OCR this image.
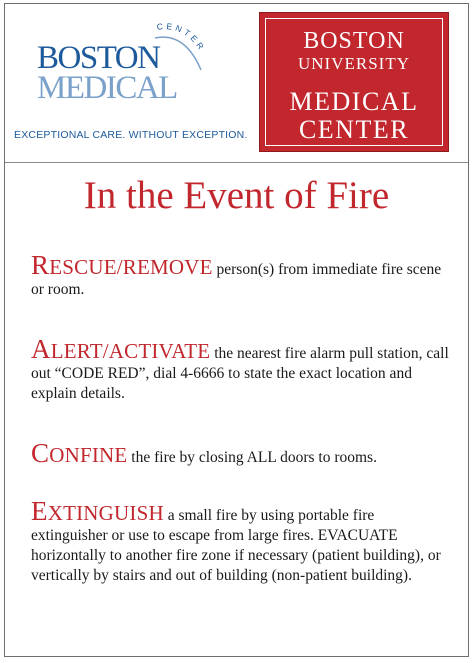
CENTER
BOSTON
MEDICAL
EXCEPTIONAL CARE. WITHOUT EXCEPTION.
BOSTON
UNIVERSITY
MEDICAL
CENTER
In the Event of Fire
RESCUE/REMOVE person(s) from immediate fire scene or room.
ALERT/ACTIVATE the nearest fire alarm pull station, call out “CODE RED”, dial 4-6666 to state the exact location and explain details.
CONFINE the fire by closing ALL doors to rooms.
EXTINGUISH a small fire by using portable fire extinguisher or use to escape from large fires. EVACUATE horizontally to another fire zone if necessary (patient building), or vertically by stairs and out of building (non-patient building).
